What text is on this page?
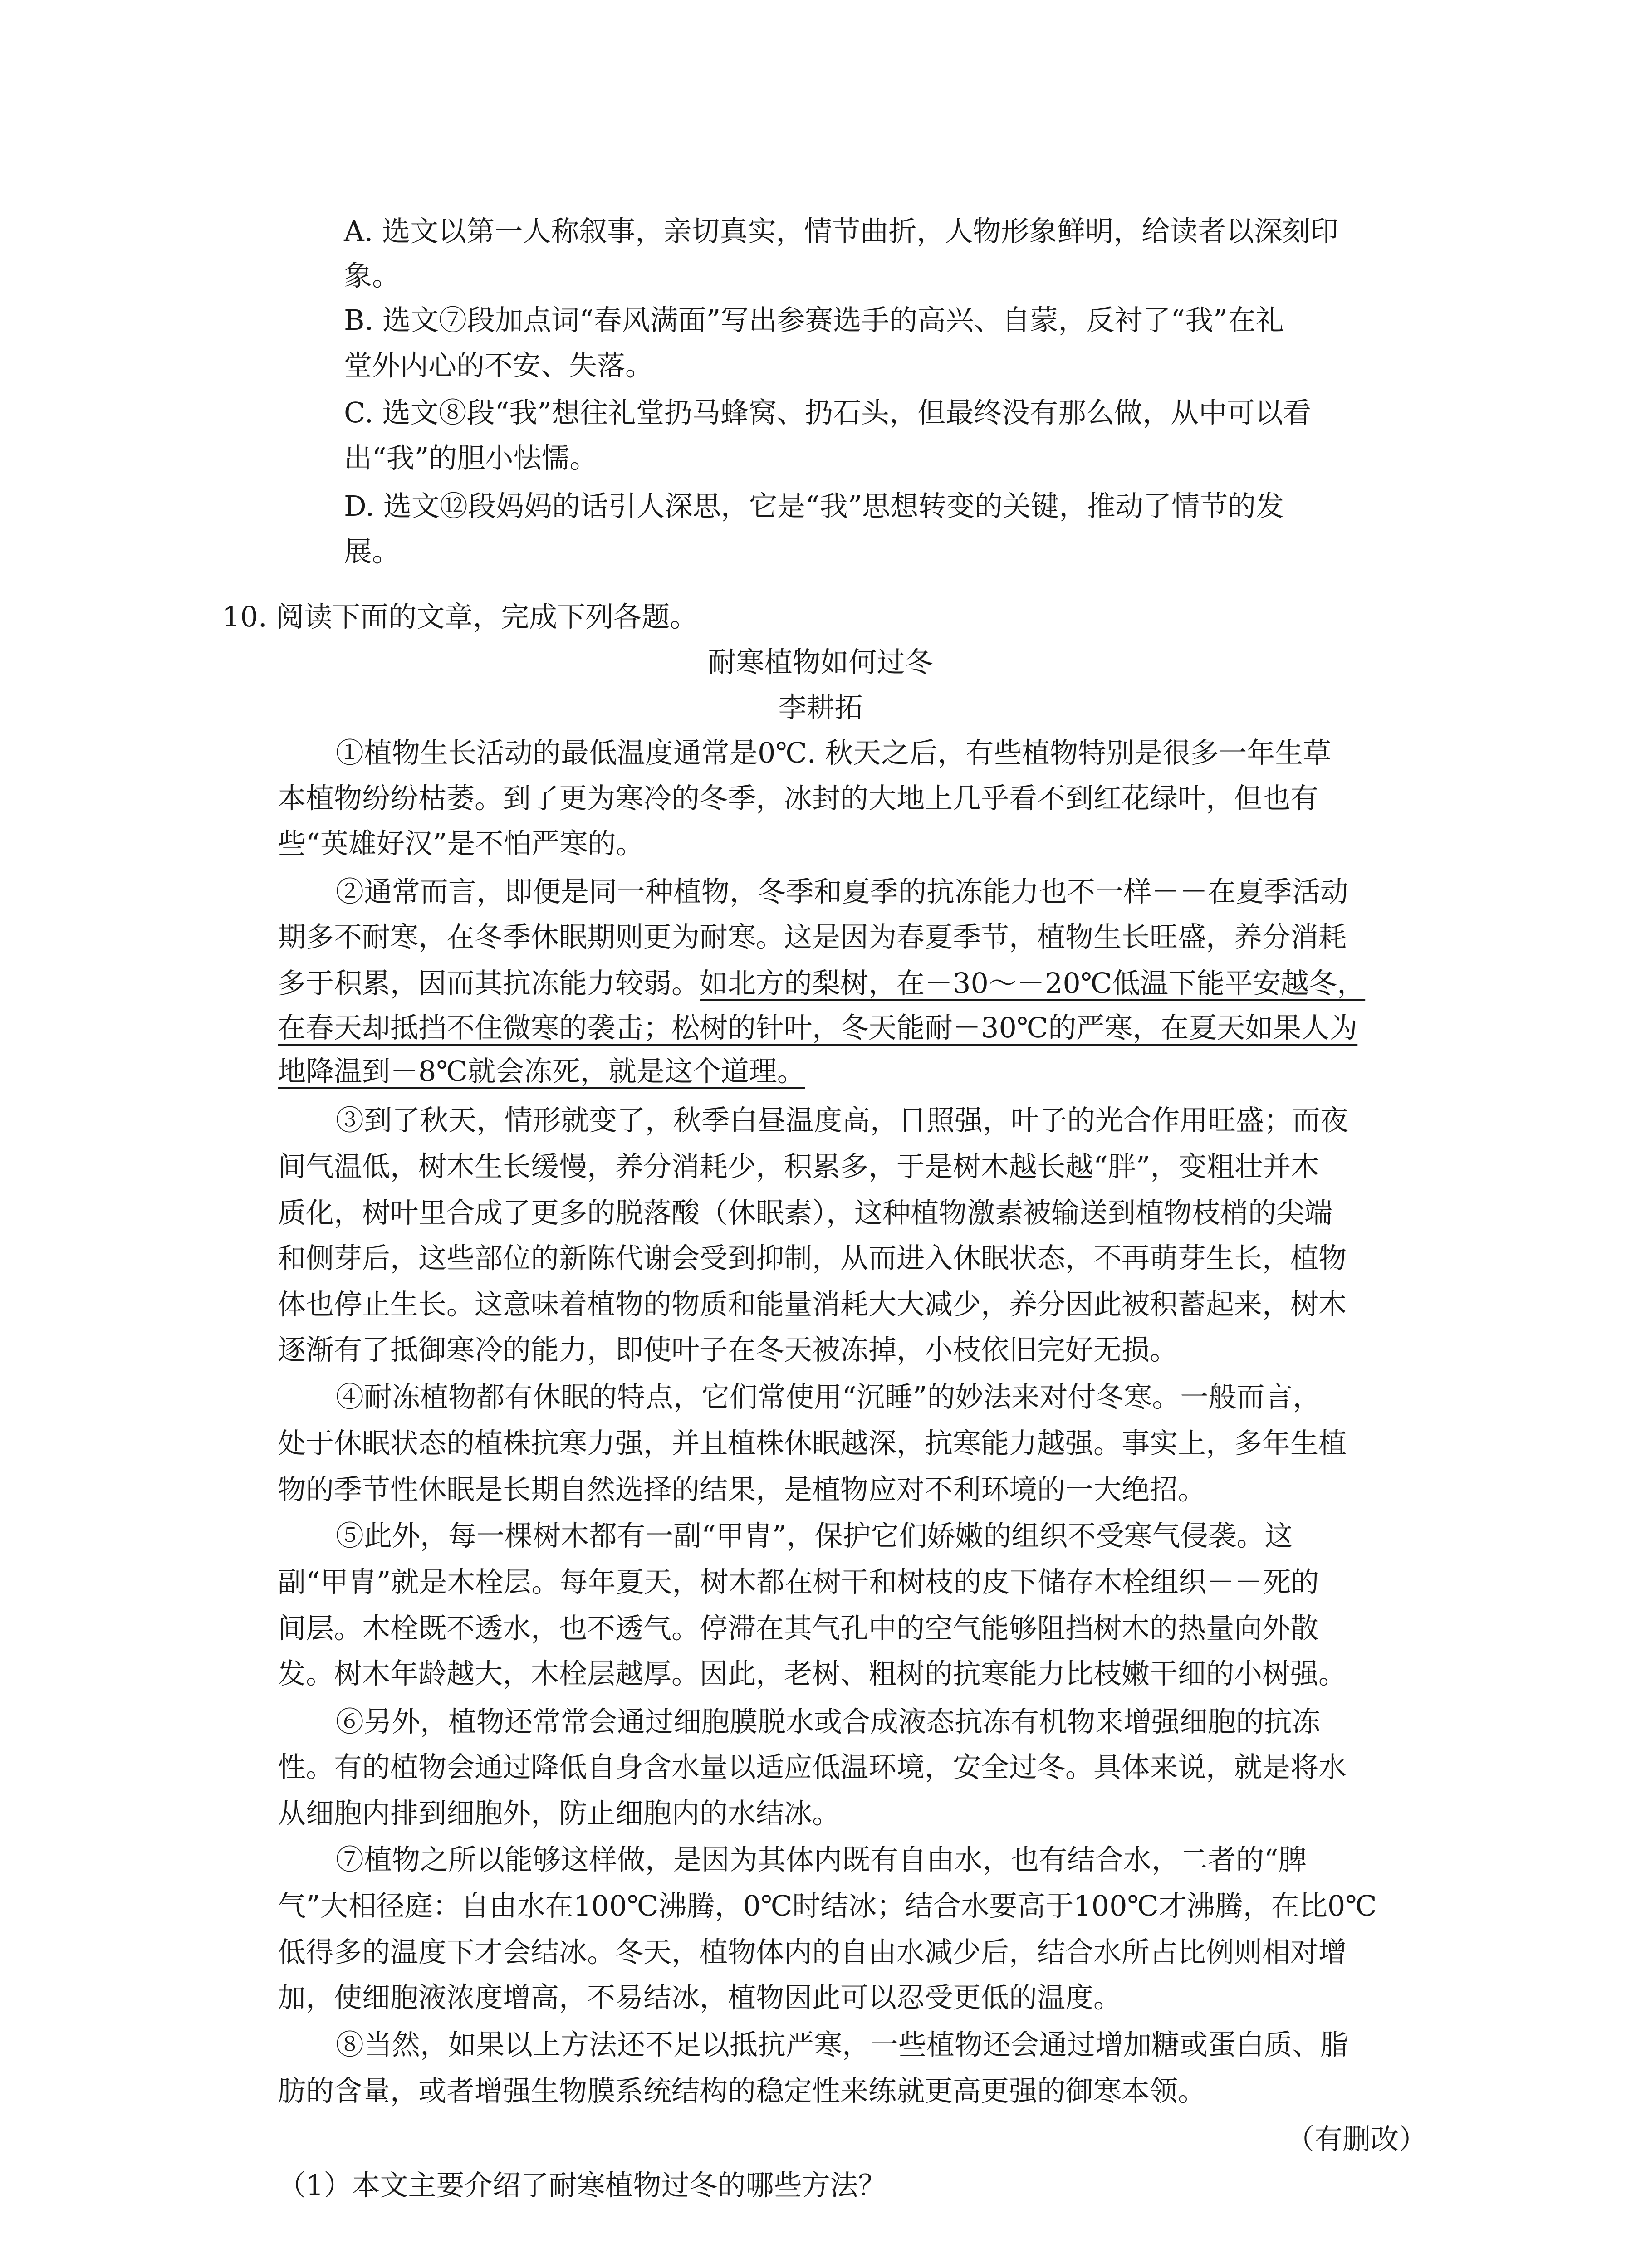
A. 选文以第一人称叙事，亲切真实，情节曲折，人物形象鲜明，给读者以深刻印
象。
B. 选文⑦段加点词“春风满面”写出参赛选手的高兴、自蒙，反衬了“我”在礼
堂外内心的不安、失落。
C. 选文⑧段“我”想往礼堂扔马蜂窝、扔石头，但最终没有那么做，从中可以看
出“我”的胆小怯懦。
D. 选文⑫段妈妈的话引人深思，它是“我”思想转变的关键，推动了情节的发
展。
10. 阅读下面的文章，完成下列各题。
耐寒植物如何过冬
李耕拓
①植物生长活动的最低温度通常是0℃. 秋天之后，有些植物特别是很多一年生草
本植物纷纷枯萎。到了更为寒冷的冬季，冰封的大地上几乎看不到红花绿叶，但也有
些“英雄好汉”是不怕严寒的。
②通常而言，即便是同一种植物，冬季和夏季的抗冻能力也不一样－－在夏季活动
期多不耐寒，在冬季休眠期则更为耐寒。这是因为春夏季节，植物生长旺盛，养分消耗
多于积累，因而其抗冻能力较弱。如北方的梨树，在－30～－20℃低温下能平安越冬，
在春天却抵挡不住微寒的袭击；松树的针叶，冬天能耐－30℃的严寒，在夏天如果人为
地降温到－8℃就会冻死，就是这个道理。
③到了秋天，情形就变了，秋季白昼温度高，日照强，叶子的光合作用旺盛；而夜
间气温低，树木生长缓慢，养分消耗少，积累多，于是树木越长越“胖”，变粗壮并木
质化，树叶里合成了更多的脱落酸（休眠素），这种植物激素被输送到植物枝梢的尖端
和侧芽后，这些部位的新陈代谢会受到抑制，从而进入休眠状态，不再萌芽生长，植物
体也停止生长。这意味着植物的物质和能量消耗大大减少，养分因此被积蓄起来，树木
逐渐有了抵御寒冷的能力，即使叶子在冬天被冻掉，小枝依旧完好无损。
④耐冻植物都有休眠的特点，它们常使用“沉睡”的妙法来对付冬寒。一般而言，
处于休眠状态的植株抗寒力强，并且植株休眠越深，抗寒能力越强。事实上，多年生植
物的季节性休眠是长期自然选择的结果，是植物应对不利环境的一大绝招。
⑤此外，每一棵树木都有一副“甲胄”，保护它们娇嫩的组织不受寒气侵袭。这
副“甲胄”就是木栓层。每年夏天，树木都在树干和树枝的皮下储存木栓组织－－死的
间层。木栓既不透水，也不透气。停滞在其气孔中的空气能够阻挡树木的热量向外散
发。树木年龄越大，木栓层越厚。因此，老树、粗树的抗寒能力比枝嫩干细的小树强。
⑥另外，植物还常常会通过细胞膜脱水或合成液态抗冻有机物来增强细胞的抗冻
性。有的植物会通过降低自身含水量以适应低温环境，安全过冬。具体来说，就是将水
从细胞内排到细胞外，防止细胞内的水结冰。
⑦植物之所以能够这样做，是因为其体内既有自由水，也有结合水，二者的“脾
气”大相径庭：自由水在100℃沸腾，0℃时结冰；结合水要高于100℃才沸腾，在比0℃
低得多的温度下才会结冰。冬天，植物体内的自由水减少后，结合水所占比例则相对增
加，使细胞液浓度增高，不易结冰，植物因此可以忍受更低的温度。
⑧当然，如果以上方法还不足以抵抗严寒，一些植物还会通过增加糖或蛋白质、脂
肪的含量，或者增强生物膜系统结构的稳定性来练就更高更强的御寒本领。
（有删改）
（1）本文主要介绍了耐寒植物过冬的哪些方法？
